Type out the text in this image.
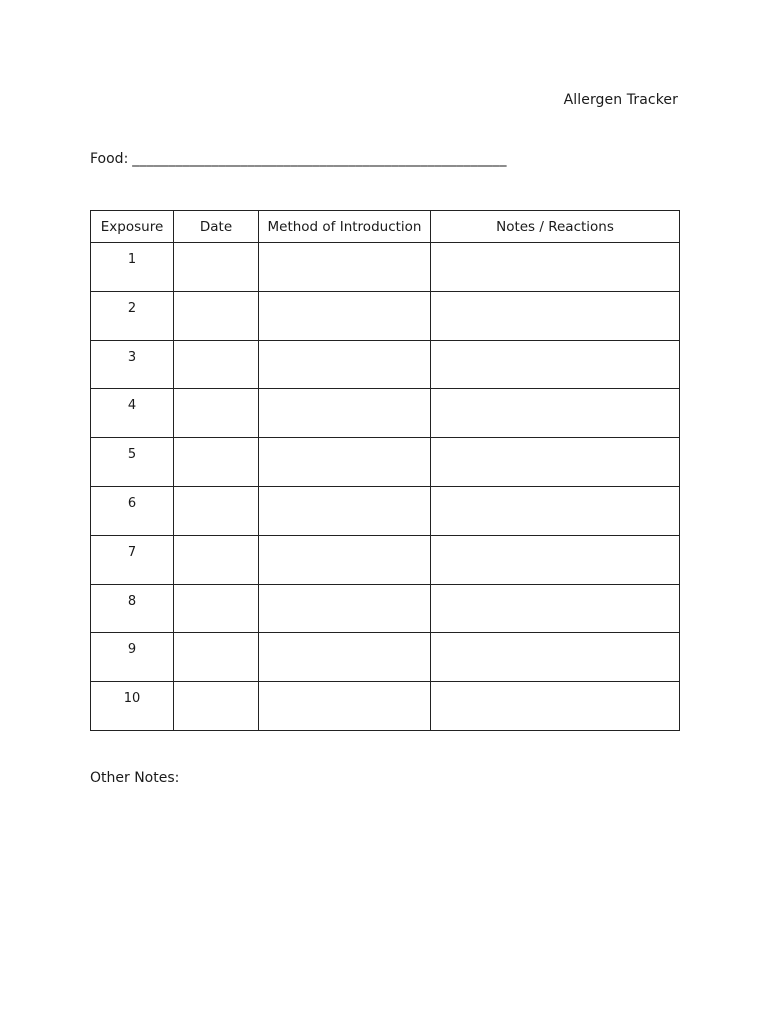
Allergen Tracker
Food: ____________________________________________________
Exposure	Date	Method of Introduction	Notes / Reactions
1			
2			
3			
4			
5			
6			
7			
8			
9			
10			
Other Notes:
